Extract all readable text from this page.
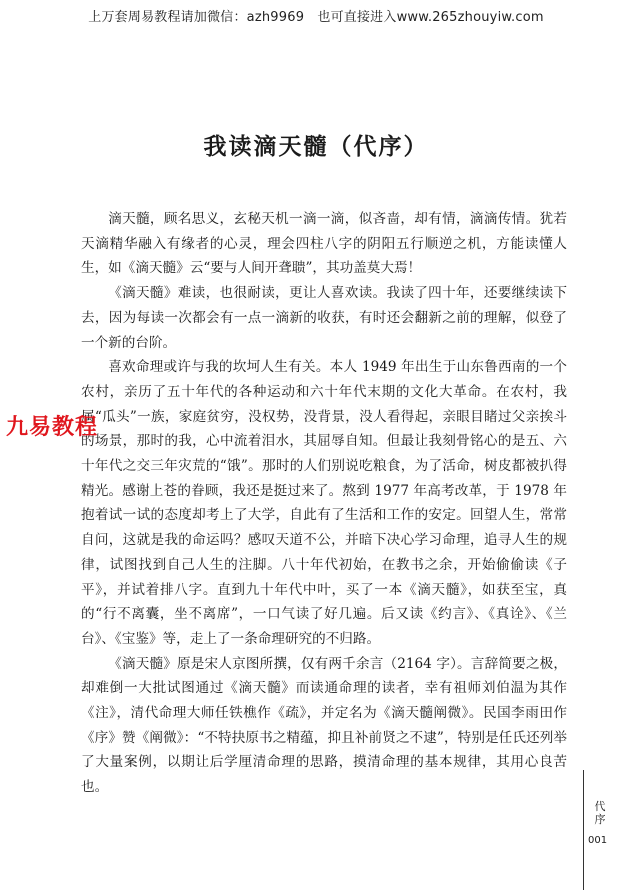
上万套周易教程请加微信：azh9969　也可直接进入www.265zhouyiw.com
我读滴天髓（代序）

滴天髓，顾名思义，玄秘天机一滴一滴，似吝啬，却有情，滴滴传情。犹若天滴精华融入有缘者的心灵，理会四柱八字的阴阳五行顺逆之机，方能读懂人生，如《滴天髓》云“要与人间开聋聩”，其功盖莫大焉！

《滴天髓》难读，也很耐读，更让人喜欢读。我读了四十年，还要继续读下去，因为每读一次都会有一点一滴新的收获，有时还会翻新之前的理解，似登了一个新的台阶。

喜欢命理或许与我的坎坷人生有关。本人 1949 年出生于山东鲁西南的一个农村，亲历了五十年代的各种运动和六十年代末期的文化大革命。在农村，我属“瓜头”一族，家庭贫穷，没权势，没背景，没人看得起，亲眼目睹过父亲挨斗的场景，那时的我，心中流着泪水，其屈辱自知。但最让我刻骨铭心的是五、六十年代之交三年灾荒的“饿”。那时的人们别说吃粮食，为了活命，树皮都被扒得精光。感谢上苍的眷顾，我还是挺过来了。熬到 1977 年高考改革，于 1978 年抱着试一试的态度却考上了大学，自此有了生活和工作的安定。回望人生，常常自问，这就是我的命运吗？感叹天道不公，并暗下决心学习命理，追寻人生的规律，试图找到自己人生的注脚。八十年代初始，在教书之余，开始偷偷读《子平》，并试着排八字。直到九十年代中叶，买了一本《滴天髓》，如获至宝，真的“行不离囊，坐不离席”，一口气读了好几遍。后又读《约言》、《真诠》、《兰台》、《宝鉴》等，走上了一条命理研究的不归路。

《滴天髓》原是宋人京图所撰，仅有两千余言（2164 字）。言辞简要之极，却难倒一大批试图通过《滴天髓》而读通命理的读者，幸有祖师刘伯温为其作《注》，清代命理大师任铁樵作《疏》，并定名为《滴天髓阐微》。民国李雨田作《序》赞《阐微》：“不特抉原书之精蕴，抑且补前贤之不逮”，特别是任氏还列举了大量案例，以期让后学厘清命理的思路，摸清命理的基本规律，其用心良苦也。

九易教程
代序
001
